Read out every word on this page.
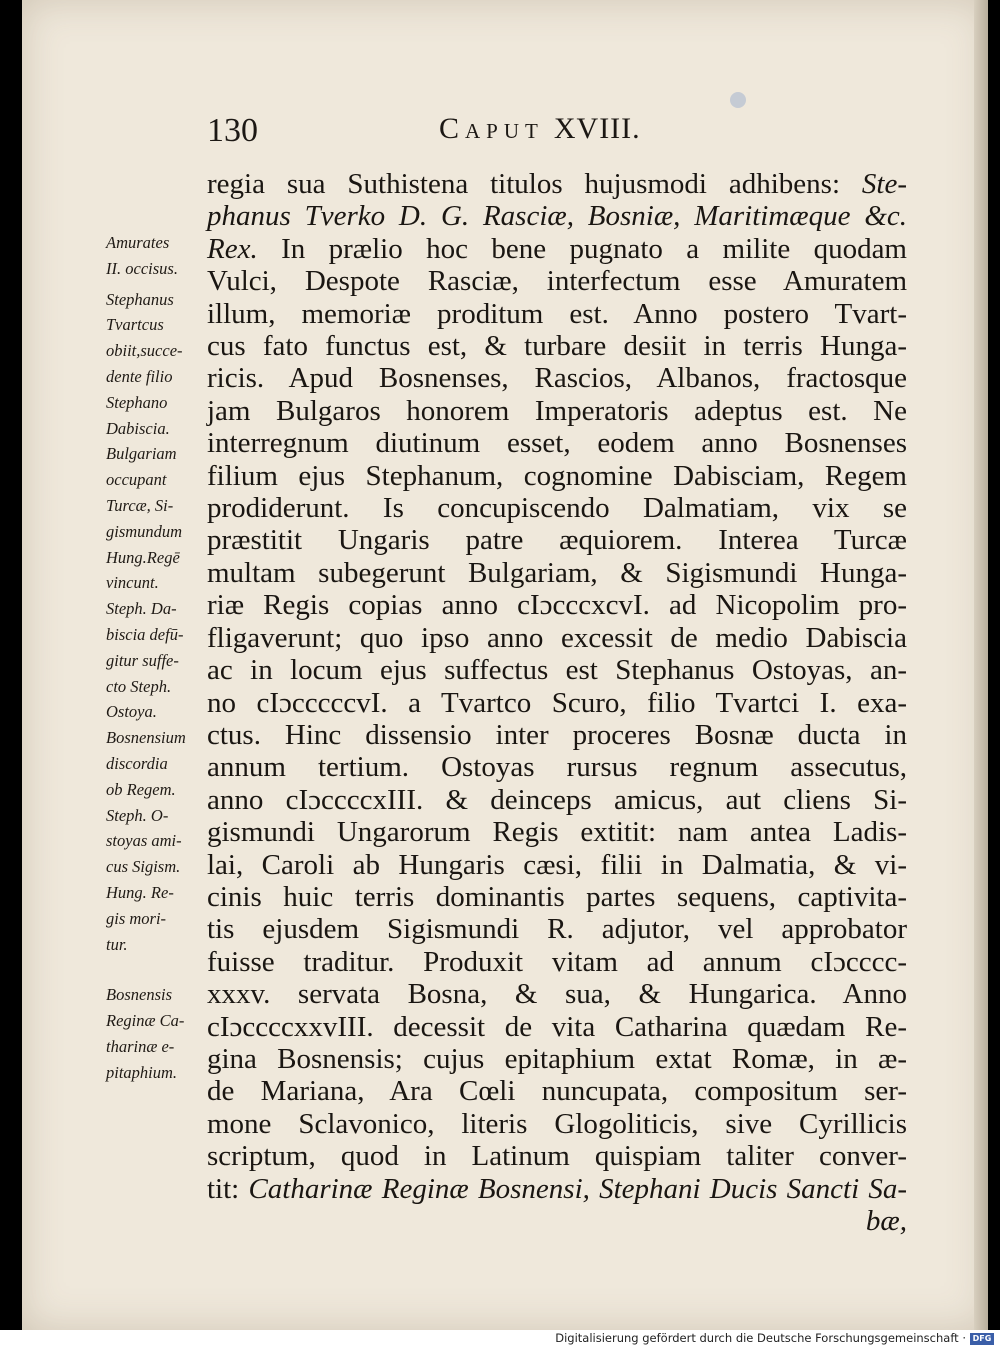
130	Caput XVIII.

Amurates

II. occisus.

Stephanus

Tvartcus

obiit,succe-

dente filio

Stephano

Dabiscia.

Bulgariam

occupant

Turcæ, Si-

gismundum

Hung.Regē

vincunt.

Steph. Da-

biscia defū-

gitur suffe-

cto Steph.

Ostoya.

Bosnensium

discordia

ob Regem.

Steph. O-

stoyas ami-

cus Sigism.

Hung. Re-

gis mori-

tur.

Bosnensis

Reginæ Ca-

tharinæ e-

pitaphium.

regia sua Suthistena titulos hujusmodi adhibens: Ste-

phanus Tverko D. G. Rasciæ, Bosniæ, Maritimæque &c.

Rex. In prælio hoc bene pugnato a milite quodam

Vulci, Despote Rasciæ, interfectum esse Amuratem

illum, memoriæ proditum est. Anno postero Tvart-

cus fato functus est, & turbare desiit in terris Hunga-

ricis. Apud Bosnenses, Rascios, Albanos, fractosque

jam Bulgaros honorem Imperatoris adeptus est. Ne

interregnum diutinum esset, eodem anno Bosnenses

filium ejus Stephanum, cognomine Dabisciam, Regem

prodiderunt. Is concupiscendo Dalmatiam, vix se

præstitit Ungaris patre æquiorem. Interea Turcæ

multam subegerunt Bulgariam, & Sigismundi Hunga-

riæ Regis copias anno cIɔcccxcvI. ad Nicopolim pro-

fligaverunt; quo ipso anno excessit de medio Dabiscia

ac in locum ejus suffectus est Stephanus Ostoyas, an-

no cIɔcccccvI. a Tvartco Scuro, filio Tvartci I. exa-

ctus. Hinc dissensio inter proceres Bosnæ ducta in

annum tertium. Ostoyas rursus regnum assecutus,

anno cIɔccccxIII. & deinceps amicus, aut cliens Si-

gismundi Ungarorum Regis extitit: nam antea Ladis-

lai, Caroli ab Hungaris cæsi, filii in Dalmatia, & vi-

cinis huic terris dominantis partes sequens, captivita-

tis ejusdem Sigismundi R. adjutor, vel approbator

fuisse traditur. Produxit vitam ad annum cIɔcccc-

xxxv. servata Bosna, & sua, & Hungarica. Anno

cIɔccccxxvIII. decessit de vita Catharina quædam Re-

gina Bosnensis; cujus epitaphium extat Romæ, in æ-

de Mariana, Ara Cœli nuncupata, compositum ser-

mone Sclavonico, literis Glogoliticis, sive Cyrillicis

scriptum, quod in Latinum quispiam taliter conver-

tit: Catharinæ Reginæ Bosnensi, Stephani Ducis Sancti Sa-

bæ,

Digitalisierung gefördert durch die Deutsche Forschungsgemeinschaft · DFG
